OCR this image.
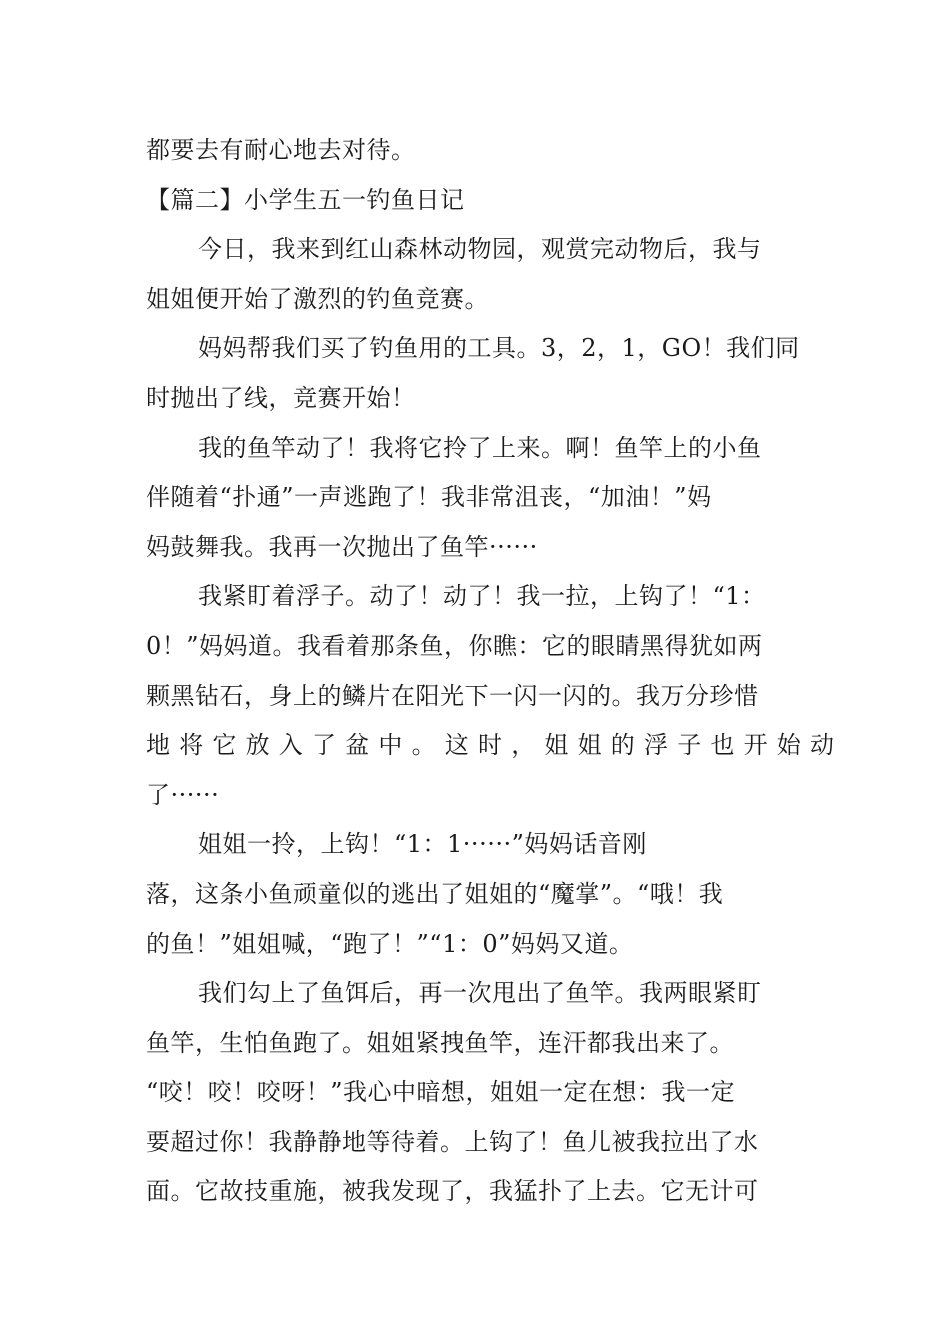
都要去有耐心地去对待。
【篇二】小学生五一钓鱼日记
今日，我来到红山森林动物园，观赏完动物后，我与
姐姐便开始了激烈的钓鱼竞赛。
妈妈帮我们买了钓鱼用的工具。3，2，1，GO！我们同
时抛出了线，竞赛开始！
我的鱼竿动了！我将它拎了上来。啊！鱼竿上的小鱼
伴随着“扑通”一声逃跑了！我非常沮丧，“加油！”妈
妈鼓舞我。我再一次抛出了鱼竿······
我紧盯着浮子。动了！动了！我一拉，上钩了！“1：
0！”妈妈道。我看着那条鱼，你瞧：它的眼睛黑得犹如两
颗黑钻石，身上的鳞片在阳光下一闪一闪的。我万分珍惜
地将它放入了盆中。这时，姐姐的浮子也开始动
了······
姐姐一拎，上钩！“1：1······”妈妈话音刚
落，这条小鱼顽童似的逃出了姐姐的“魔掌”。“哦！我
的鱼！”姐姐喊，“跑了！”“1：0”妈妈又道。
我们勾上了鱼饵后，再一次甩出了鱼竿。我两眼紧盯
鱼竿，生怕鱼跑了。姐姐紧拽鱼竿，连汗都我出来了。
“咬！咬！咬呀！”我心中暗想，姐姐一定在想：我一定
要超过你！我静静地等待着。上钩了！鱼儿被我拉出了水
面。它故技重施，被我发现了，我猛扑了上去。它无计可
